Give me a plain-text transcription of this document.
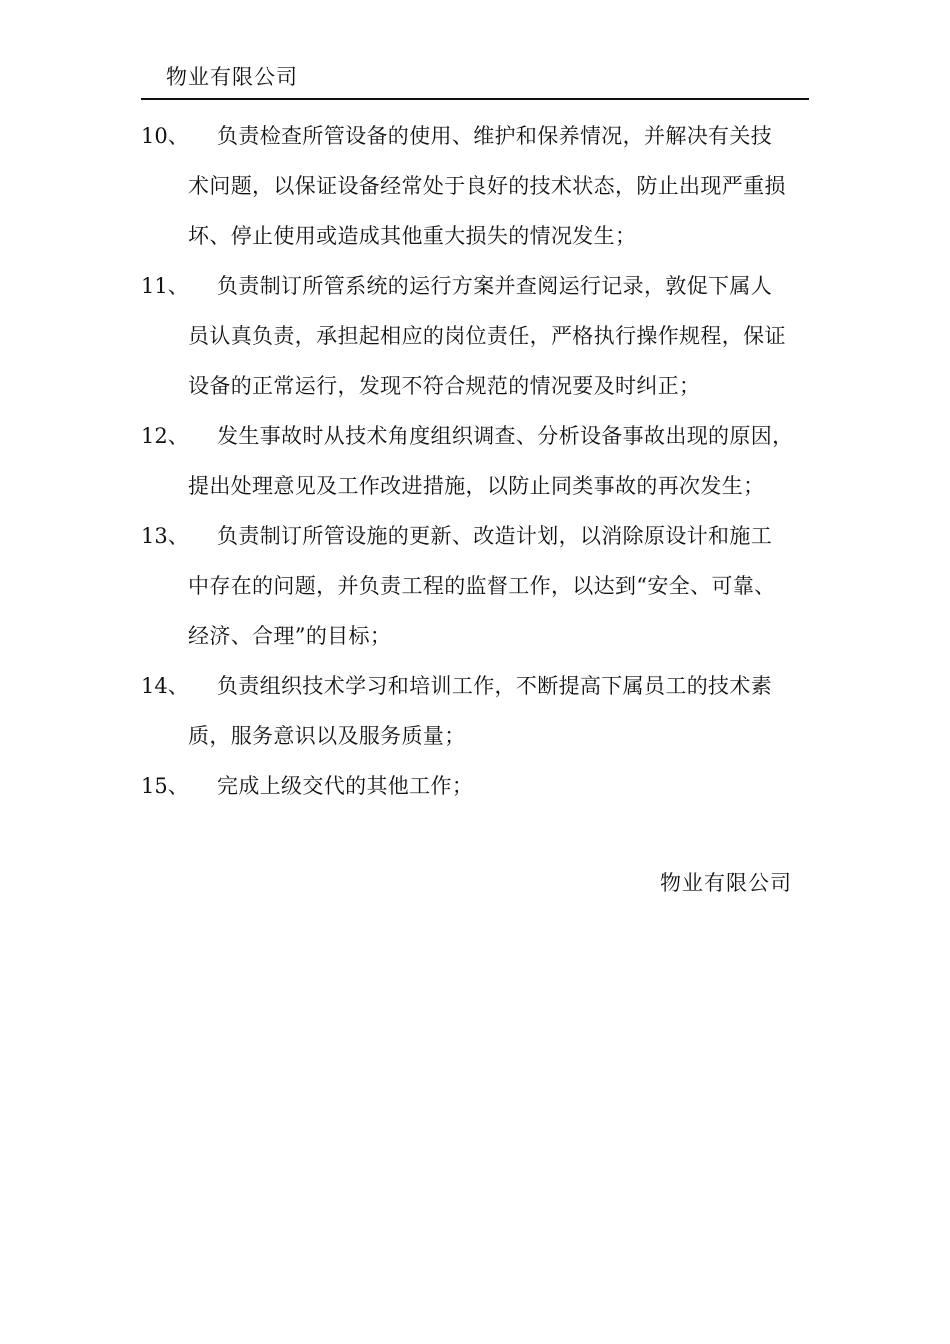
物业有限公司
10、	负责检查所管设备的使用、维护和保养情况，并解决有关技
术问题，以保证设备经常处于良好的技术状态，防止出现严重损
坏、停止使用或造成其他重大损失的情况发生；
11、	负责制订所管系统的运行方案并查阅运行记录，敦促下属人
员认真负责，承担起相应的岗位责任，严格执行操作规程，保证
设备的正常运行，发现不符合规范的情况要及时纠正；
12、	发生事故时从技术角度组织调查、分析设备事故出现的原因，
提出处理意见及工作改进措施，以防止同类事故的再次发生；
13、	负责制订所管设施的更新、改造计划，以消除原设计和施工
中存在的问题，并负责工程的监督工作，以达到“安全、可靠、
经济、合理”的目标；
14、	负责组织技术学习和培训工作，不断提高下属员工的技术素
质，服务意识以及服务质量；
15、	完成上级交代的其他工作；
物业有限公司
